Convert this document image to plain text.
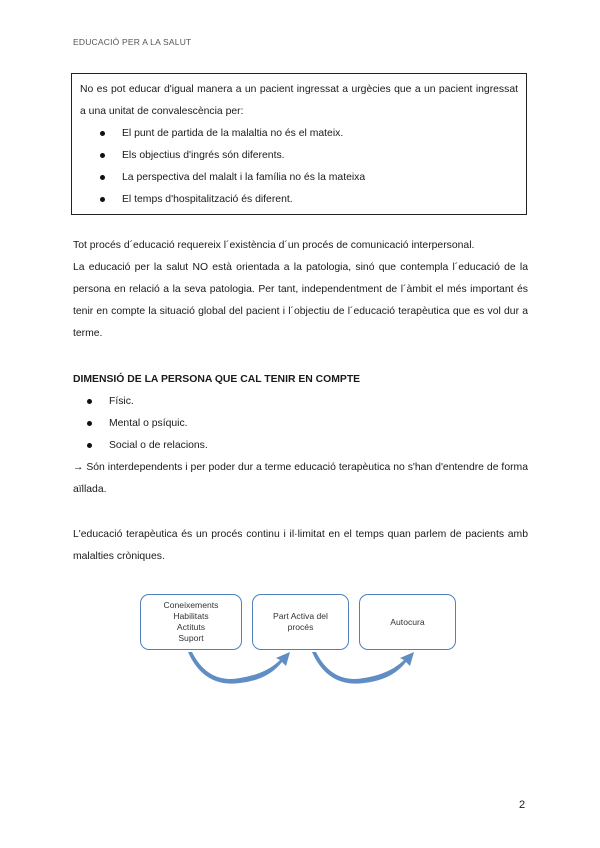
EDUCACIÓ PER A LA SALUT

No es pot educar d'igual manera a un pacient ingressat a urgècies que a un pacient ingressat a una unitat de convalescència per:

El punt de partida de la malaltia no és el mateix.
Els objectius d'ingrés són diferents.
La perspectiva del malalt i la família no és la mateixa
El temps d'hospitalització és diferent.

Tot procés d´educació requereix l´existència d´un procés de comunicació interpersonal.

La educació per la salut NO està orientada a la patologia, sinó que contempla l´educació de la persona en relació a la seva patologia. Per tant, independentment de l´àmbit el més important és tenir en compte la situació global del pacient i l´objectiu de l´educació terapèutica que es vol dur a terme.

DIMENSIÓ DE LA PERSONA QUE CAL TENIR EN COMPTE

Físic.
Mental o psíquic.
Social o de relacions.

→ Són interdependents i per poder dur a terme educació terapèutica no s'han d'entendre de forma aïllada.

L'educació terapèutica és un procés continu i il·limitat en el temps quan parlem de pacients amb malalties cròniques.

Coneixements
Habilitats
Actituts
Suport
Part Activa del
procés
Autocura
2
